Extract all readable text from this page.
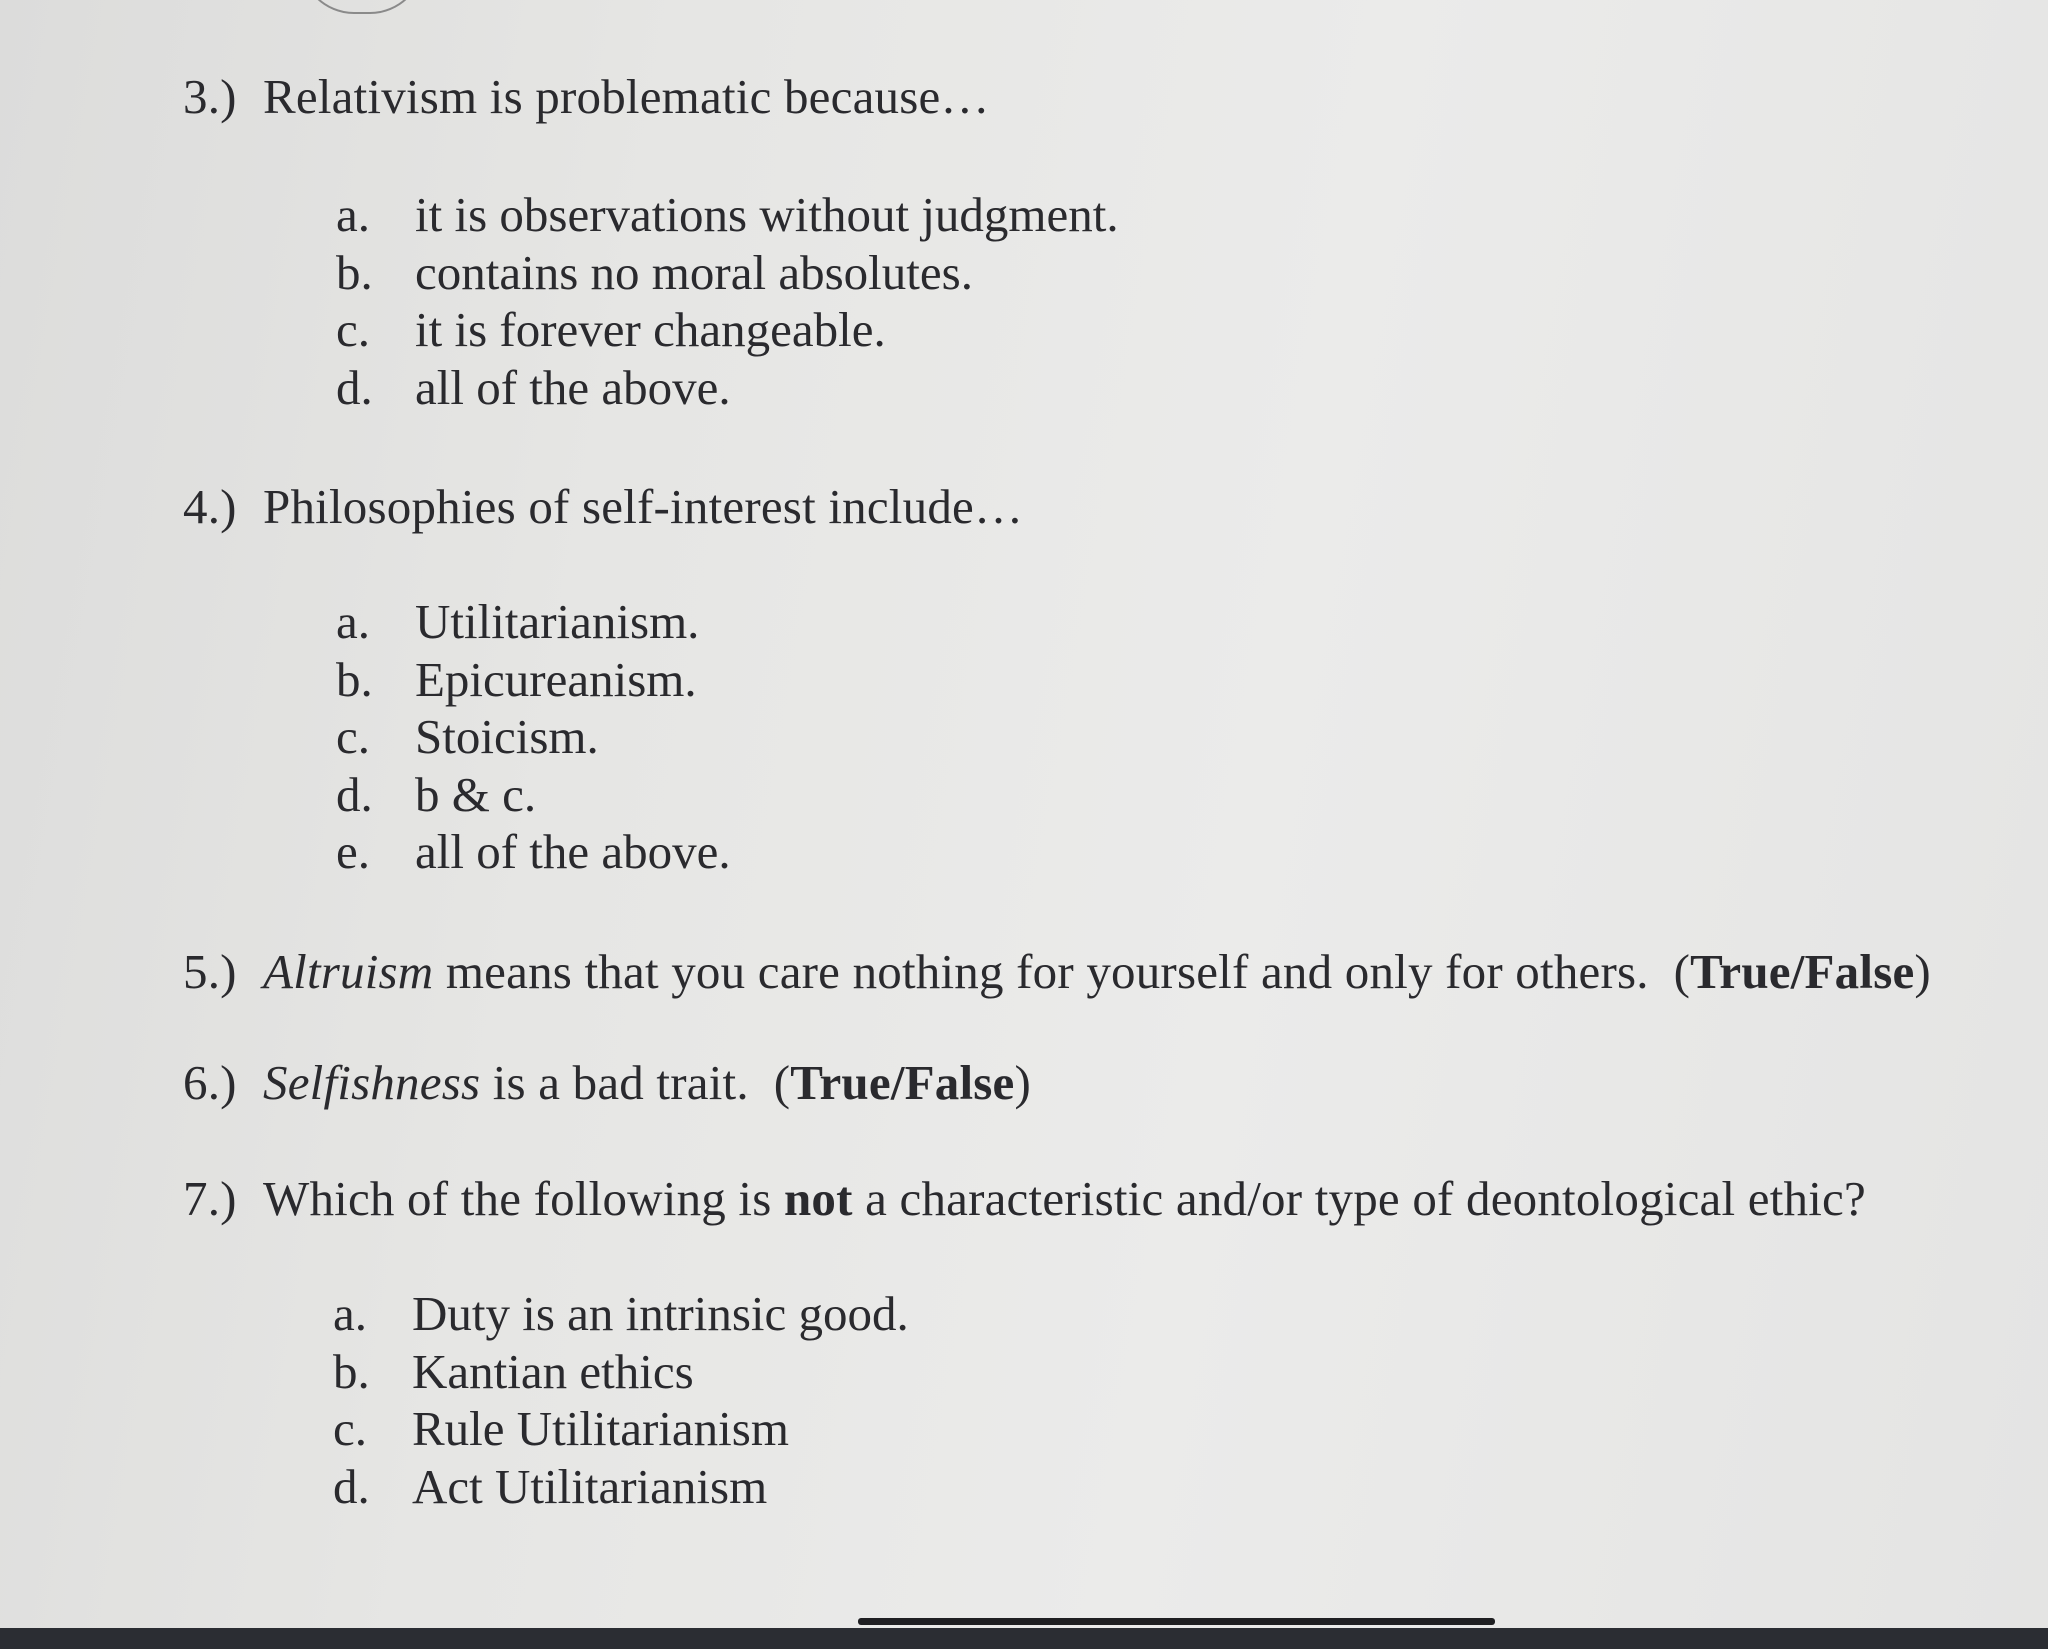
3.) Relativism is problematic because…
a. it is observations without judgment.
b. contains no moral absolutes.
c. it is forever changeable.
d. all of the above.
4.) Philosophies of self-interest include…
a. Utilitarianism.
b. Epicureanism.
c. Stoicism.
d. b & c.
e. all of the above.
5.) Altruism means that you care nothing for yourself and only for others. (True/False)
6.) Selfishness is a bad trait. (True/False)
7.) Which of the following is not a characteristic and/or type of deontological ethic?
a. Duty is an intrinsic good.
b. Kantian ethics
c. Rule Utilitarianism
d. Act Utilitarianism
